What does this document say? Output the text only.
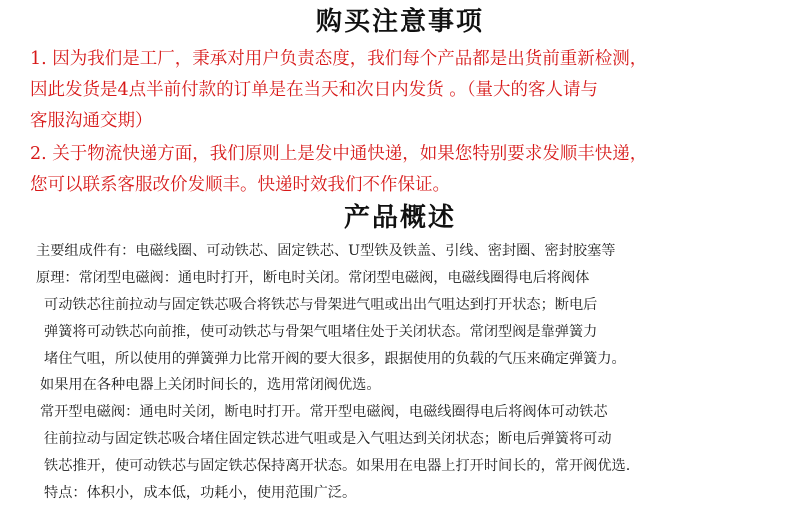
购买注意事项
1. 因为我们是工厂，秉承对用户负责态度，我们每个产品都是出货前重新检测，
因此发货是4点半前付款的订单是在当天和次日内发货 。（量大的客人请与
客服沟通交期）
2. 关于物流快递方面，我们原则上是发中通快递，如果您特别要求发顺丰快递，
您可以联系客服改价发顺丰。快递时效我们不作保证。
产品概述
主要组成件有：电磁线圈、可动铁芯、固定铁芯、U型铁及铁盖、引线、密封圈、密封胶塞等
原理：常闭型电磁阀：通电时打开，断电时关闭。常闭型电磁阀，电磁线圈得电后将阀体
可动铁芯往前拉动与固定铁芯吸合将铁芯与骨架进气咀或出出气咀达到打开状态；断电后
弹簧将可动铁芯向前推，使可动铁芯与骨架气咀堵住处于关闭状态。常闭型阀是靠弹簧力
堵住气咀，所以使用的弹簧弹力比常开阀的要大很多，跟据使用的负载的气压来确定弹簧力。
如果用在各种电器上关闭时间长的，选用常闭阀优选。
常开型电磁阀：通电时关闭，断电时打开。常开型电磁阀，电磁线圈得电后将阀体可动铁芯
往前拉动与固定铁芯吸合堵住固定铁芯进气咀或是入气咀达到关闭状态；断电后弹簧将可动
铁芯推开，使可动铁芯与固定铁芯保持离开状态。如果用在电器上打开时间长的，常开阀优选.
特点：体积小，成本低，功耗小，使用范围广泛。
